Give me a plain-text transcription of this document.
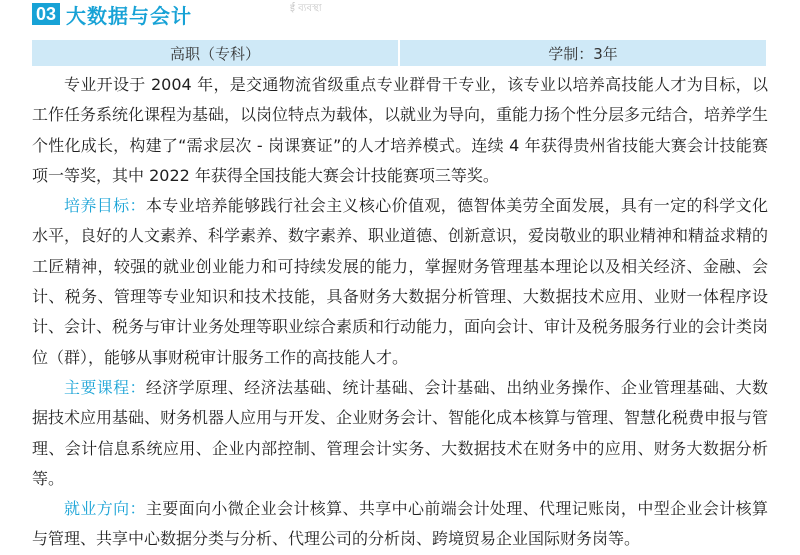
03 大数据与会计	ई ব্যবস্থা
高职（专科）	学制：3年

专业开设于 2004 年，是交通物流省级重点专业群骨干专业，该专业以培养高技能人才为目标，以工作任务系统化课程为基础，以岗位特点为载体，以就业为导向，重能力扬个性分层多元结合，培养学生个性化成长，构建了“需求层次 - 岗课赛证”的人才培养模式。连续 4 年获得贵州省技能大赛会计技能赛项一等奖，其中 2022 年获得全国技能大赛会计技能赛项三等奖。

培养目标：本专业培养能够践行社会主义核心价值观，德智体美劳全面发展，具有一定的科学文化水平，良好的人文素养、科学素养、数字素养、职业道德、创新意识，爱岗敬业的职业精神和精益求精的工匠精神，较强的就业创业能力和可持续发展的能力，掌握财务管理基本理论以及相关经济、金融、会计、税务、管理等专业知识和技术技能，具备财务大数据分析管理、大数据技术应用、业财一体程序设计、会计、税务与审计业务处理等职业综合素质和行动能力，面向会计、审计及税务服务行业的会计类岗位（群），能够从事财税审计服务工作的高技能人才。

主要课程：经济学原理、经济法基础、统计基础、会计基础、出纳业务操作、企业管理基础、大数据技术应用基础、财务机器人应用与开发、企业财务会计、智能化成本核算与管理、智慧化税费申报与管理、会计信息系统应用、企业内部控制、管理会计实务、大数据技术在财务中的应用、财务大数据分析等。

就业方向：主要面向小微企业会计核算、共享中心前端会计处理、代理记账岗，中型企业会计核算与管理、共享中心数据分类与分析、代理公司的分析岗、跨境贸易企业国际财务岗等。
